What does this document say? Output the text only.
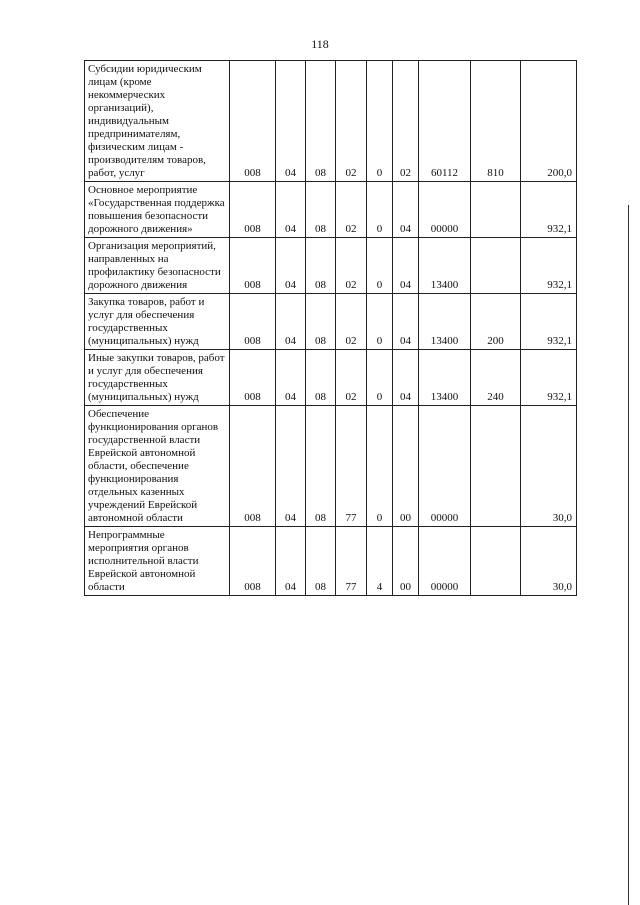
118
Субсидии юридическим лицам (кроме некоммерческих организаций), индивидуальным предпринимателям, физическим лицам - производителям товаров, работ, услуг	008	04	08	02	0	02	60112	810	200,0
Основное мероприятие «Государственная поддержка повышения безопасности дорожного движения»	008	04	08	02	0	04	00000		932,1
Организация мероприятий, направленных на профилактику безопасности дорожного движения	008	04	08	02	0	04	13400		932,1
Закупка товаров, работ и услуг для обеспечения государственных (муниципальных) нужд	008	04	08	02	0	04	13400	200	932,1
Иные закупки товаров, работ и услуг для обеспечения государственных (муниципальных) нужд	008	04	08	02	0	04	13400	240	932,1
Обеспечение функционирования органов государственной власти Еврейской автономной области, обеспечение функционирования отдельных казенных учреждений Еврейской автономной области	008	04	08	77	0	00	00000		30,0
Непрограммные мероприятия органов исполнительной власти Еврейской автономной области	008	04	08	77	4	00	00000		30,0
